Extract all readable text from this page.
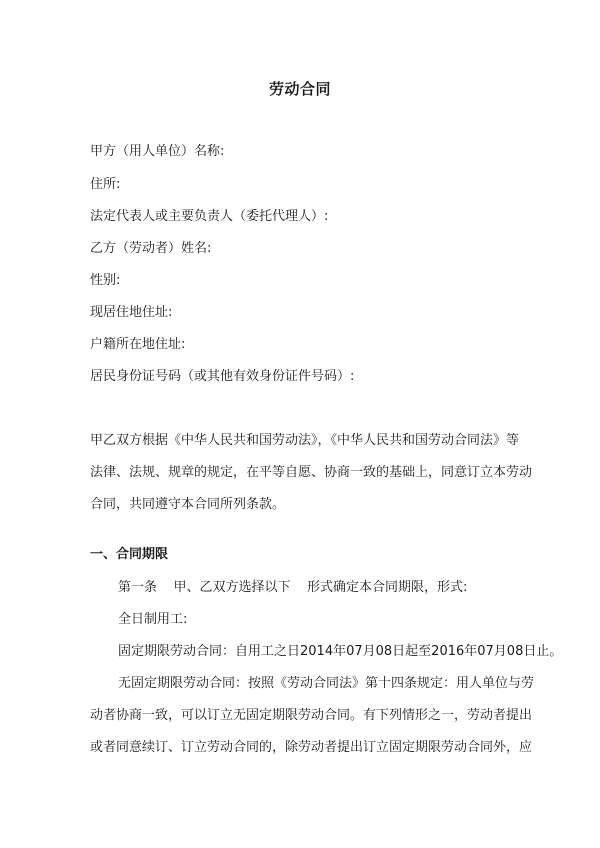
劳动合同
甲方（用人单位）名称:
住所:
法定代表人或主要负责人（委托代理人）:
乙方（劳动者）姓名:
性别:
现居住地住址:
户籍所在地住址:
居民身份证号码（或其他有效身份证件号码）:
甲乙双方根据《中华人民共和国劳动法》，《中华人民共和国劳动合同法》等
法律、法规、规章的规定，在平等自愿、协商一致的基础上，同意订立本劳动
合同，共同遵守本合同所列条款。
一、合同期限
第一条    甲、乙双方选择以下    形式确定本合同期限，形式:
全日制用工:
固定期限劳动合同：自用工之日2014年07月08日起至2016年07月08日止。
无固定期限劳动合同：按照《劳动合同法》第十四条规定：用人单位与劳
动者协商一致，可以订立无固定期限劳动合同。有下列情形之一，劳动者提出
或者同意续订、订立劳动合同的，除劳动者提出订立固定期限劳动合同外，应
